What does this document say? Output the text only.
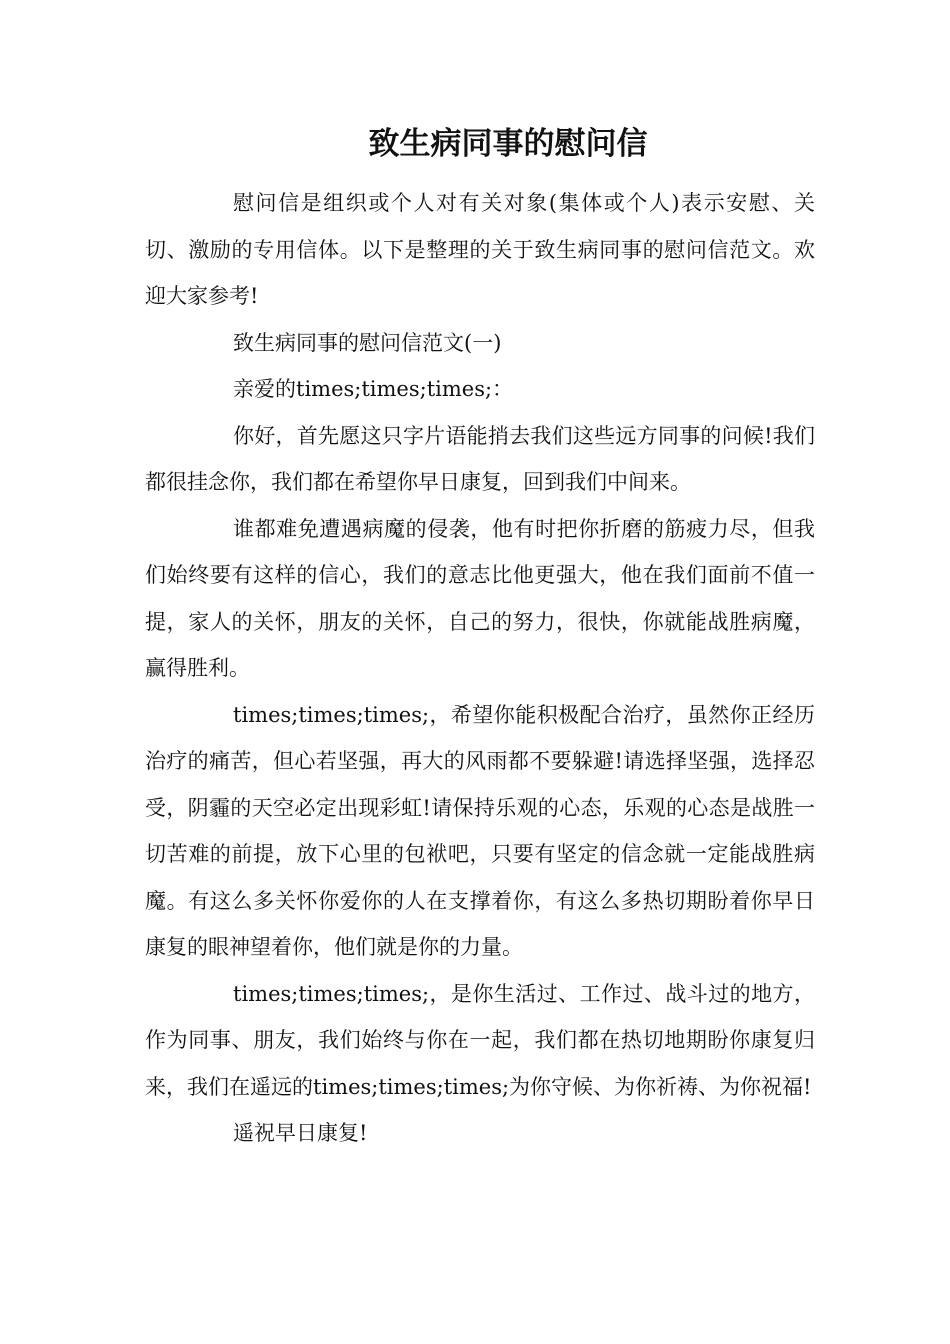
致生病同事的慰问信

慰问信是组织或个人对有关对象(集体或个人)表示安慰、关切、激励的专用信体。以下是整理的关于致生病同事的慰问信范文。欢迎大家参考!

致生病同事的慰问信范文(一)

亲爱的times;times;times;：

你好，首先愿这只字片语能捎去我们这些远方同事的问候!我们都很挂念你，我们都在希望你早日康复，回到我们中间来。

谁都难免遭遇病魔的侵袭，他有时把你折磨的筋疲力尽，但我们始终要有这样的信心，我们的意志比他更强大，他在我们面前不值一提，家人的关怀，朋友的关怀，自己的努力，很快，你就能战胜病魔，赢得胜利。

times;times;times;，希望你能积极配合治疗，虽然你正经历治疗的痛苦，但心若坚强，再大的风雨都不要躲避!请选择坚强，选择忍受，阴霾的天空必定出现彩虹!请保持乐观的心态，乐观的心态是战胜一切苦难的前提，放下心里的包袱吧，只要有坚定的信念就一定能战胜病魔。有这么多关怀你爱你的人在支撑着你，有这么多热切期盼着你早日康复的眼神望着你，他们就是你的力量。

times;times;times;，是你生活过、工作过、战斗过的地方，作为同事、朋友，我们始终与你在一起，我们都在热切地期盼你康复归来，我们在遥远的times;times;times;为你守候、为你祈祷、为你祝福!

遥祝早日康复!
